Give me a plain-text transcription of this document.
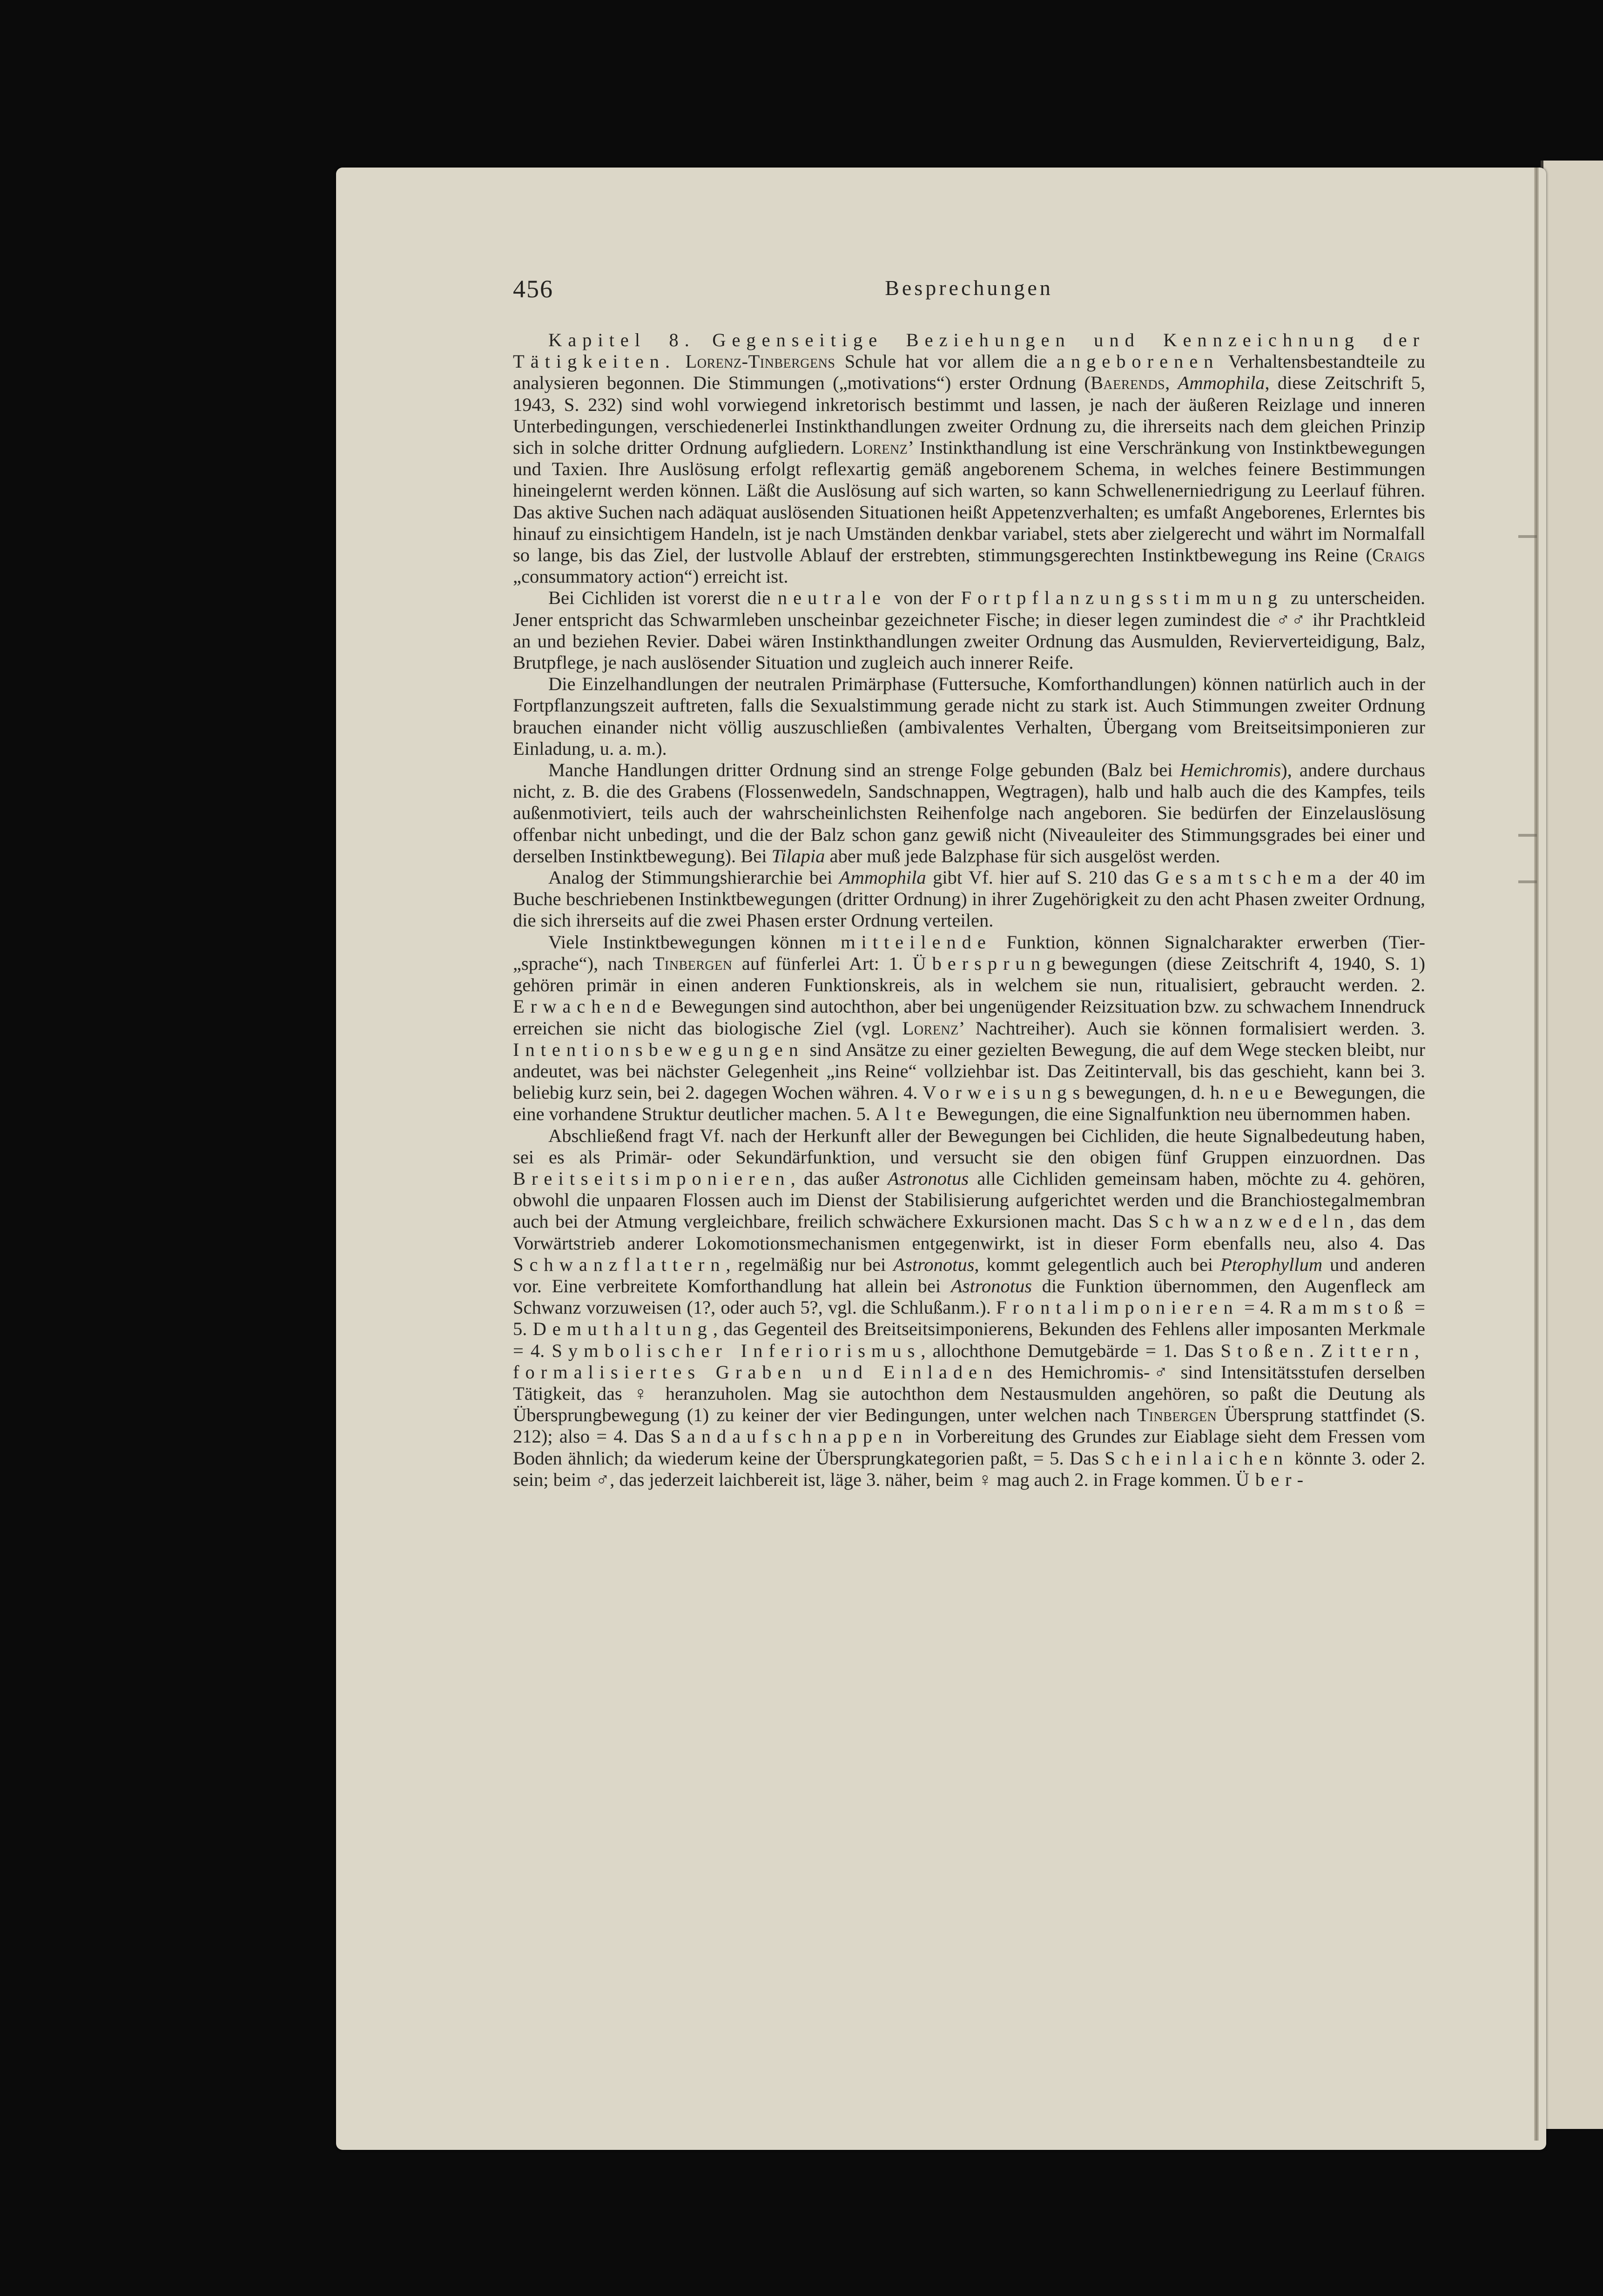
456	Besprechungen

Kapitel 8. Gegenseitige Beziehungen und Kennzeichnung der Tätigkeiten. Lorenz-Tinbergens Schule hat vor allem die angeborenen Verhaltensbestandteile zu analysieren begonnen. Die Stimmungen („motivations“) erster Ordnung (Baerends, Ammophila, diese Zeitschrift 5, 1943, S. 232) sind wohl vorwiegend inkretorisch bestimmt und lassen, je nach der äußeren Reizlage und inneren Unterbedingungen, verschiedenerlei Instinkthandlungen zweiter Ordnung zu, die ihrerseits nach dem gleichen Prinzip sich in solche dritter Ordnung aufgliedern. Lorenz’ Instinkthandlung ist eine Verschränkung von Instinktbewegungen und Taxien. Ihre Auslösung erfolgt reflexartig gemäß angeborenem Schema, in welches feinere Bestimmungen hineingelernt werden können. Läßt die Auslösung auf sich warten, so kann Schwellenerniedrigung zu Leerlauf führen. Das aktive Suchen nach adäquat auslösenden Situationen heißt Appetenzverhalten; es umfaßt Angeborenes, Erlerntes bis hinauf zu einsichtigem Handeln, ist je nach Umständen denkbar variabel, stets aber zielgerecht und währt im Normalfall so lange, bis das Ziel, der lustvolle Ablauf der erstrebten, stimmungsgerechten Instinktbewegung ins Reine (Craigs „consummatory action“) erreicht ist.

Bei Cichliden ist vorerst die neutrale von der Fortpflanzungsstimmung zu unterscheiden. Jener entspricht das Schwarmleben unscheinbar gezeichneter Fische; in dieser legen zumindest die ♂♂ ihr Prachtkleid an und beziehen Revier. Dabei wären Instinkthandlungen zweiter Ordnung das Ausmulden, Revierverteidigung, Balz, Brutpflege, je nach auslösender Situation und zugleich auch innerer Reife.

Die Einzelhandlungen der neutralen Primärphase (Futtersuche, Komforthandlungen) können natürlich auch in der Fortpflanzungszeit auftreten, falls die Sexualstimmung gerade nicht zu stark ist. Auch Stimmungen zweiter Ordnung brauchen einander nicht völlig auszuschließen (ambivalentes Verhalten, Übergang vom Breitseitsimponieren zur Einladung, u. a. m.).

Manche Handlungen dritter Ordnung sind an strenge Folge gebunden (Balz bei Hemichromis), andere durchaus nicht, z. B. die des Grabens (Flossenwedeln, Sandschnappen, Wegtragen), halb und halb auch die des Kampfes, teils außenmotiviert, teils auch der wahrscheinlichsten Reihenfolge nach angeboren. Sie bedürfen der Einzelauslösung offenbar nicht unbedingt, und die der Balz schon ganz gewiß nicht (Niveauleiter des Stimmungsgrades bei einer und derselben Instinktbewegung). Bei Tilapia aber muß jede Balzphase für sich ausgelöst werden.

Analog der Stimmungshierarchie bei Ammophila gibt Vf. hier auf S. 210 das Gesamtschema der 40 im Buche beschriebenen Instinktbewegungen (dritter Ordnung) in ihrer Zugehörigkeit zu den acht Phasen zweiter Ordnung, die sich ihrerseits auf die zwei Phasen erster Ordnung verteilen.

Viele Instinktbewegungen können mitteilende Funktion, können Signalcharakter erwerben (Tier-„sprache“), nach Tinbergen auf fünferlei Art: 1. Übersprungbewegungen (diese Zeitschrift 4, 1940, S. 1) gehören primär in einen anderen Funktionskreis, als in welchem sie nun, ritualisiert, gebraucht werden. 2. Erwachende Bewegungen sind autochthon, aber bei ungenügender Reizsituation bzw. zu schwachem Innendruck erreichen sie nicht das biologische Ziel (vgl. Lorenz’ Nachtreiher). Auch sie können formalisiert werden. 3. Intentionsbewegungen sind Ansätze zu einer gezielten Bewegung, die auf dem Wege stecken bleibt, nur andeutet, was bei nächster Gelegenheit „ins Reine“ vollziehbar ist. Das Zeitintervall, bis das geschieht, kann bei 3. beliebig kurz sein, bei 2. dagegen Wochen währen. 4. Vorweisungsbewegungen, d. h. neue Bewegungen, die eine vorhandene Struktur deutlicher machen. 5. Alte Bewegungen, die eine Signalfunktion neu übernommen haben.

Abschließend fragt Vf. nach der Herkunft aller der Bewegungen bei Cichliden, die heute Signalbedeutung haben, sei es als Primär- oder Sekundärfunktion, und versucht sie den obigen fünf Gruppen einzuordnen. Das Breitseitsimponieren, das außer Astronotus alle Cichliden gemeinsam haben, möchte zu 4. gehören, obwohl die unpaaren Flossen auch im Dienst der Stabilisierung aufgerichtet werden und die Branchiostegalmembran auch bei der Atmung vergleichbare, freilich schwächere Exkursionen macht. Das Schwanzwedeln, das dem Vorwärtstrieb anderer Lokomotionsmechanismen entgegenwirkt, ist in dieser Form ebenfalls neu, also 4. Das Schwanzflattern, regelmäßig nur bei Astronotus, kommt gelegentlich auch bei Pterophyllum und anderen vor. Eine verbreitete Komforthandlung hat allein bei Astronotus die Funktion übernommen, den Augenfleck am Schwanz vorzuweisen (1?, oder auch 5?, vgl. die Schlußanm.). Frontalimponieren = 4. Rammstoß = 5. Demuthaltung, das Gegenteil des Breitseitsimponierens, Bekunden des Fehlens aller imposanten Merkmale = 4. Symbolischer Inferiorismus, allochthone Demutgebärde = 1. Das Stoßen. Zittern, formalisiertes Graben und Einladen des Hemichromis-♂ sind Intensitätsstufen derselben Tätigkeit, das ♀ heranzuholen. Mag sie autochthon dem Nestausmulden angehören, so paßt die Deutung als Übersprungbewegung (1) zu keiner der vier Bedingungen, unter welchen nach Tinbergen Übersprung stattfindet (S. 212); also = 4. Das Sandaufschnappen in Vorbereitung des Grundes zur Eiablage sieht dem Fressen vom Boden ähnlich; da wiederum keine der Übersprungkategorien paßt, = 5. Das Scheinlaichen könnte 3. oder 2. sein; beim ♂, das jederzeit laichbereit ist, läge 3. näher, beim ♀ mag auch 2. in Frage kommen. Über-
